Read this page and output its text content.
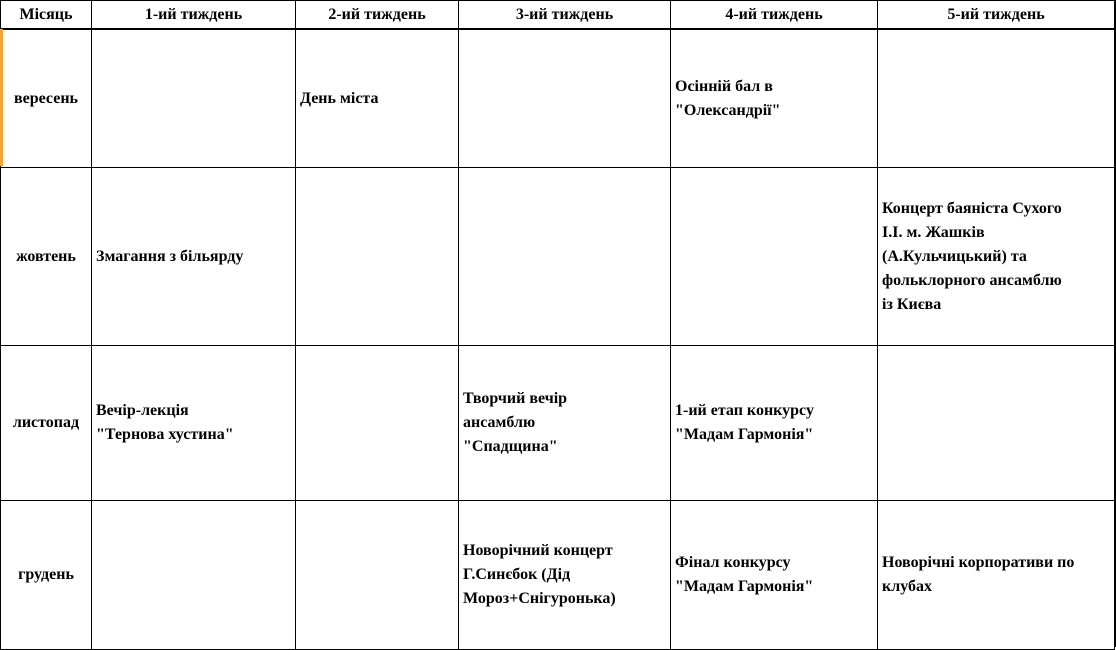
Місяць	1-ий тиждень	2-ий тиждень	3-ий тиждень	4-ий тиждень	5-ий тиждень
вересень		День міста		Осінній бал в
"Олександрії"	
жовтень	Змагання з більярду				Концерт баяніста Сухого
І.І. м. Жашків
(А.Кульчицький) та
фольклорного ансамблю
із Києва
листопад	Вечір-лекція
"Тернова хустина"		Творчий вечір
ансамблю
"Спадщина"	1-ий етап конкурсу
"Мадам Гармонія"	
грудень			Новорічний концерт
Г.Синєбок (Дід
Мороз+Снігуронька)	Фінал конкурсу
"Мадам Гармонія"	Новорічні корпоративи по
клубах
